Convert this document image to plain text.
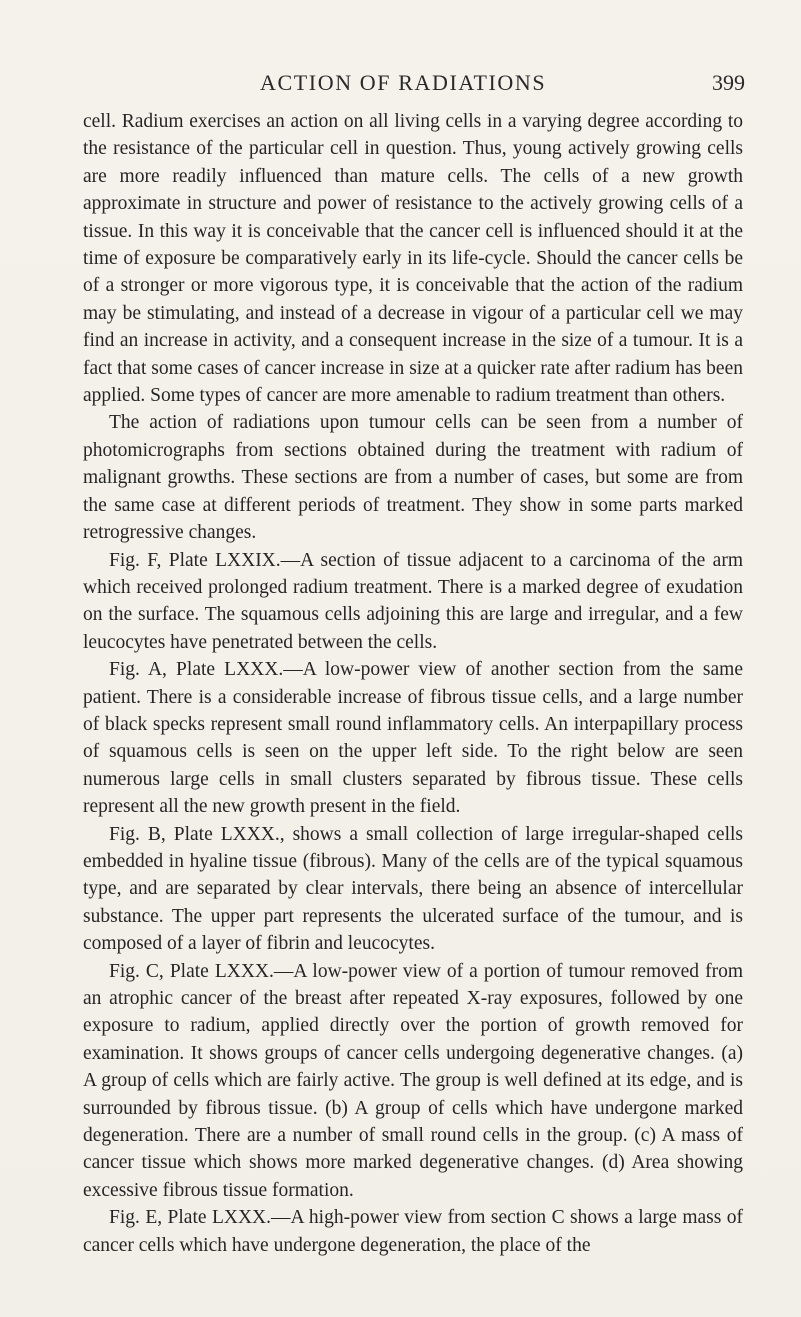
ACTION OF RADIATIONS	399

cell. Radium exercises an action on all living cells in a varying degree according to the resistance of the particular cell in question. Thus, young actively growing cells are more readily influenced than mature cells. The cells of a new growth approximate in structure and power of resistance to the actively growing cells of a tissue. In this way it is conceivable that the cancer cell is influenced should it at the time of exposure be comparatively early in its life-cycle. Should the cancer cells be of a stronger or more vigorous type, it is conceivable that the action of the radium may be stimulating, and instead of a decrease in vigour of a particular cell we may find an increase in activity, and a consequent increase in the size of a tumour. It is a fact that some cases of cancer increase in size at a quicker rate after radium has been applied. Some types of cancer are more amenable to radium treatment than others.

The action of radiations upon tumour cells can be seen from a number of photomicrographs from sections obtained during the treatment with radium of malignant growths. These sections are from a number of cases, but some are from the same case at different periods of treatment. They show in some parts marked retrogressive changes.

Fig. F, Plate LXXIX.—A section of tissue adjacent to a carcinoma of the arm which received prolonged radium treatment. There is a marked degree of exudation on the surface. The squamous cells adjoining this are large and irregular, and a few leucocytes have penetrated between the cells.

Fig. A, Plate LXXX.—A low-power view of another section from the same patient. There is a considerable increase of fibrous tissue cells, and a large number of black specks represent small round inflammatory cells. An interpapillary process of squamous cells is seen on the upper left side. To the right below are seen numerous large cells in small clusters separated by fibrous tissue. These cells represent all the new growth present in the field.

Fig. B, Plate LXXX., shows a small collection of large irregular-shaped cells embedded in hyaline tissue (fibrous). Many of the cells are of the typical squamous type, and are separated by clear intervals, there being an absence of intercellular substance. The upper part represents the ulcerated surface of the tumour, and is composed of a layer of fibrin and leucocytes.

Fig. C, Plate LXXX.—A low-power view of a portion of tumour removed from an atrophic cancer of the breast after repeated X-ray exposures, followed by one exposure to radium, applied directly over the portion of growth removed for examination. It shows groups of cancer cells undergoing degenerative changes. (a) A group of cells which are fairly active. The group is well defined at its edge, and is surrounded by fibrous tissue. (b) A group of cells which have undergone marked degeneration. There are a number of small round cells in the group. (c) A mass of cancer tissue which shows more marked degenerative changes. (d) Area showing excessive fibrous tissue formation.

Fig. E, Plate LXXX.—A high-power view from section C shows a large mass of cancer cells which have undergone degeneration, the place of the
